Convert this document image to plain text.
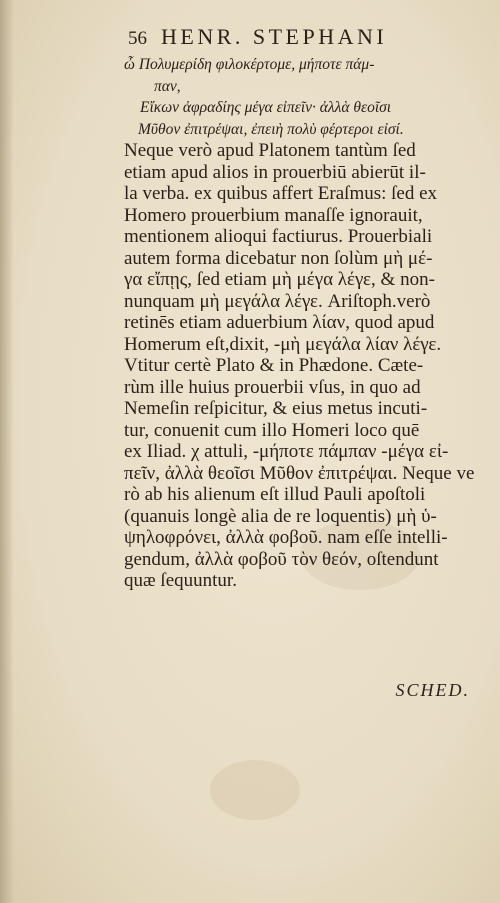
56 HENR. STEPHANI
ὦ Πολυμερίδη φιλοκέρτομε, μήποτε πάμ-
παν,
Εἴκων ἀφραδίης μέγα εἰπεῖν· ἀλλὰ θεοῖσι
Μῦθον ἐπιτρέψαι, ἐπειὴ πολὺ φέρτεροι εἰσί.
Neque verò apud Platonem tantùm ſed
etiam apud alios in prouerbiū abierūt il-
la verba. ex quibus affert Eraſmus: ſed ex
Homero prouerbium manaſſe ignorauit,
mentionem alioqui factiurus. Prouerbiali
autem forma dicebatur non ſolùm μὴ μέ-
γα εἴπῃς, ſed etiam μὴ μέγα λέγε, & non-
nunquam μὴ μεγάλα λέγε. Ariſtoph.verò
retinēs etiam aduerbium λίαν, quod apud
Homerum eſt,dixit, -μὴ μεγάλα λίαν λέγε.
Vtitur certè Plato & in Phædone. Cæte-
rùm ille huius prouerbii vſus, in quo ad
Nemeſin reſpicitur, & eius metus incuti-
tur, conuenit cum illo Homeri loco quē
ex Iliad. χ attuli, -μήποτε πάμπαν -μέγα εἰ-
πεῖν, ἀλλὰ θεοῖσι Μῦθον ἐπιτρέψαι. Neque ve
rò ab his alienum eſt illud Pauli apoſtoli
(quanuis longè alia de re loquentis) μὴ ὑ-
ψηλοφρόνει, ἀλλὰ φοβοῦ. nam eſſe intelli-
gendum, ἀλλὰ φοβοῦ τὸν θεόν, oſtendunt
quæ ſequuntur.
SCHED.
